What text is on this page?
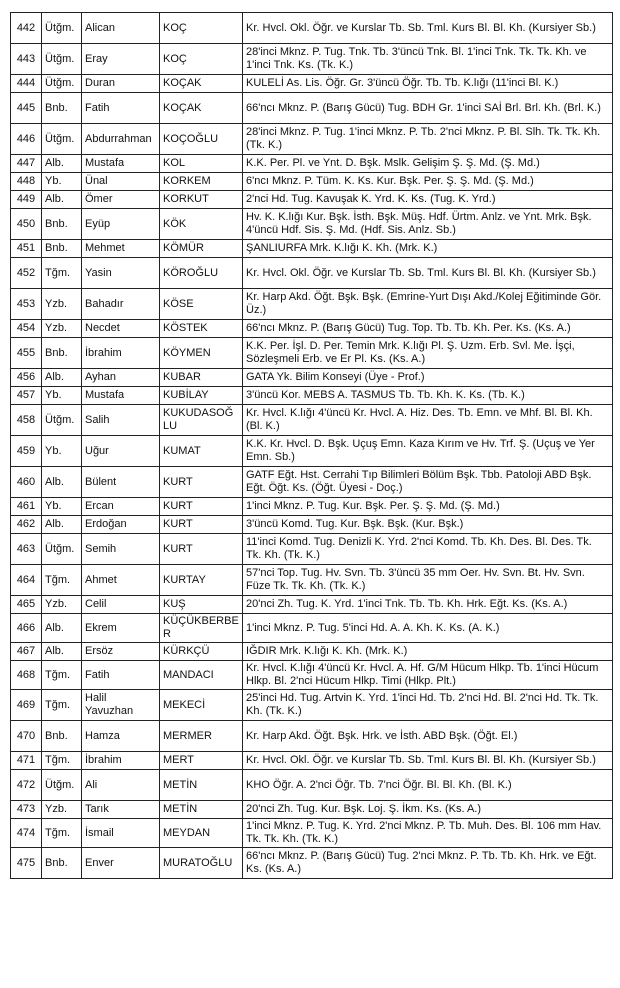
442	Ütğm.	Alican	KOÇ	Kr. Hvcl. Okl. Öğr. ve Kurslar Tb. Sb. Tml. Kurs Bl. Bl. Kh. (Kursiyer Sb.)
443	Ütğm.	Eray	KOÇ	28'inci Mknz. P. Tug. Tnk. Tb. 3'üncü Tnk. Bl. 1'inci Tnk. Tk. Tk. Kh. ve 1'inci Tnk. Ks. (Tk. K.)
444	Ütğm.	Duran	KOÇAK	KULELİ As. Lis. Öğr. Gr. 3'üncü Öğr. Tb. Tb. K.lığı (11'inci Bl. K.)
445	Bnb.	Fatih	KOÇAK	66'ncı Mknz. P. (Barış Gücü) Tug. BDH Gr. 1'inci SAİ Brl. Brl. Kh. (Brl. K.)
446	Ütğm.	Abdurrahman	KOÇOĞLU	28'inci Mknz. P. Tug. 1'inci Mknz. P. Tb. 2'nci Mknz. P. Bl. Slh. Tk. Tk. Kh. (Tk. K.)
447	Alb.	Mustafa	KOL	K.K. Per. Pl. ve Ynt. D. Bşk. Mslk. Gelişim Ş. Ş. Md. (Ş. Md.)
448	Yb.	Ünal	KORKEM	6'ncı Mknz. P. Tüm. K. Ks. Kur. Bşk. Per. Ş. Ş. Md. (Ş. Md.)
449	Alb.	Ömer	KORKUT	2'nci Hd. Tug. Kavuşak K. Yrd. K. Ks. (Tug. K. Yrd.)
450	Bnb.	Eyüp	KÖK	Hv. K. K.lığı Kur. Bşk. İsth. Bşk. Müş. Hdf. Ürtm. Anlz. ve Ynt. Mrk. Bşk. 4'üncü Hdf. Sis. Ş. Md. (Hdf. Sis. Anlz. Sb.)
451	Bnb.	Mehmet	KÖMÜR	ŞANLIURFA Mrk. K.lığı K. Kh. (Mrk. K.)
452	Tğm.	Yasin	KÖROĞLU	Kr. Hvcl. Okl. Öğr. ve Kurslar Tb. Sb. Tml. Kurs Bl. Bl. Kh. (Kursiyer Sb.)
453	Yzb.	Bahadır	KÖSE	Kr. Harp Akd. Öğt. Bşk. Bşk. (Emrine-Yurt Dışı Akd./Kolej Eğitiminde Gör. Üz.)
454	Yzb.	Necdet	KÖSTEK	66'ncı Mknz. P. (Barış Gücü) Tug. Top. Tb. Tb. Kh. Per. Ks. (Ks. A.)
455	Bnb.	İbrahim	KÖYMEN	K.K. Per. İşl. D. Per. Temin Mrk. K.lığı Pl. Ş. Uzm. Erb. Svl. Me. İşçi, Sözleşmeli Erb. ve Er Pl. Ks. (Ks. A.)
456	Alb.	Ayhan	KUBAR	GATA Yk. Bilim Konseyi (Üye - Prof.)
457	Yb.	Mustafa	KUBİLAY	3'üncü Kor. MEBS A. TASMUS Tb. Tb. Kh. K. Ks. (Tb. K.)
458	Ütğm.	Salih	KUKUDASOĞLU	Kr. Hvcl. K.lığı 4'üncü Kr. Hvcl. A. Hiz. Des. Tb. Emn. ve Mhf. Bl. Bl. Kh. (Bl. K.)
459	Yb.	Uğur	KUMAT	K.K. Kr. Hvcl. D. Bşk. Uçuş Emn. Kaza Kırım ve Hv. Trf. Ş. (Uçuş ve Yer Emn. Sb.)
460	Alb.	Bülent	KURT	GATF Eğt. Hst. Cerrahi Tıp Bilimleri Bölüm Bşk. Tbb. Patoloji ABD Bşk. Eğt. Öğt. Ks. (Öğt. Üyesi - Doç.)
461	Yb.	Ercan	KURT	1'inci Mknz. P. Tug. Kur. Bşk. Per. Ş. Ş. Md. (Ş. Md.)
462	Alb.	Erdoğan	KURT	3'üncü Komd. Tug. Kur. Bşk. Bşk. (Kur. Bşk.)
463	Ütğm.	Semih	KURT	11'inci Komd. Tug. Denizli K. Yrd. 2'nci Komd. Tb. Kh. Des. Bl. Des. Tk. Tk. Kh. (Tk. K.)
464	Tğm.	Ahmet	KURTAY	57'nci Top. Tug. Hv. Svn. Tb. 3'üncü 35 mm Oer. Hv. Svn. Bt. Hv. Svn. Füze Tk. Tk. Kh. (Tk. K.)
465	Yzb.	Celil	KUŞ	20'nci Zh. Tug. K. Yrd. 1'inci Tnk. Tb. Tb. Kh. Hrk. Eğt. Ks. (Ks. A.)
466	Alb.	Ekrem	KÜÇÜKBERBER	1'inci Mknz. P. Tug. 5'inci Hd. A. A. Kh. K. Ks. (A. K.)
467	Alb.	Ersöz	KÜRKÇÜ	IĞDIR Mrk. K.lığı K. Kh. (Mrk. K.)
468	Tğm.	Fatih	MANDACI	Kr. Hvcl. K.lığı 4'üncü Kr. Hvcl. A. Hf. G/M Hücum Hlkp. Tb. 1'inci Hücum Hlkp. Bl. 2'nci Hücum Hlkp. Timi (Hlkp. Plt.)
469	Tğm.	Halil Yavuzhan	MEKECİ	25'inci Hd. Tug. Artvin K. Yrd. 1'inci Hd. Tb. 2'nci Hd. Bl. 2'nci Hd. Tk. Tk. Kh. (Tk. K.)
470	Bnb.	Hamza	MERMER	Kr. Harp Akd. Öğt. Bşk. Hrk. ve İsth. ABD Bşk. (Öğt. El.)
471	Tğm.	İbrahim	MERT	Kr. Hvcl. Okl. Öğr. ve Kurslar Tb. Sb. Tml. Kurs Bl. Bl. Kh. (Kursiyer Sb.)
472	Ütğm.	Ali	METİN	KHO Öğr. A. 2'nci Öğr. Tb. 7'nci Öğr. Bl. Bl. Kh. (Bl. K.)
473	Yzb.	Tarık	METİN	20'nci Zh. Tug. Kur. Bşk. Loj. Ş. İkm. Ks. (Ks. A.)
474	Tğm.	İsmail	MEYDAN	1'inci Mknz. P. Tug. K. Yrd. 2'nci Mknz. P. Tb. Muh. Des. Bl. 106 mm Hav. Tk. Tk. Kh. (Tk. K.)
475	Bnb.	Enver	MURATOĞLU	66'ncı Mknz. P. (Barış Gücü) Tug. 2'nci Mknz. P. Tb. Tb. Kh. Hrk. ve Eğt. Ks. (Ks. A.)
